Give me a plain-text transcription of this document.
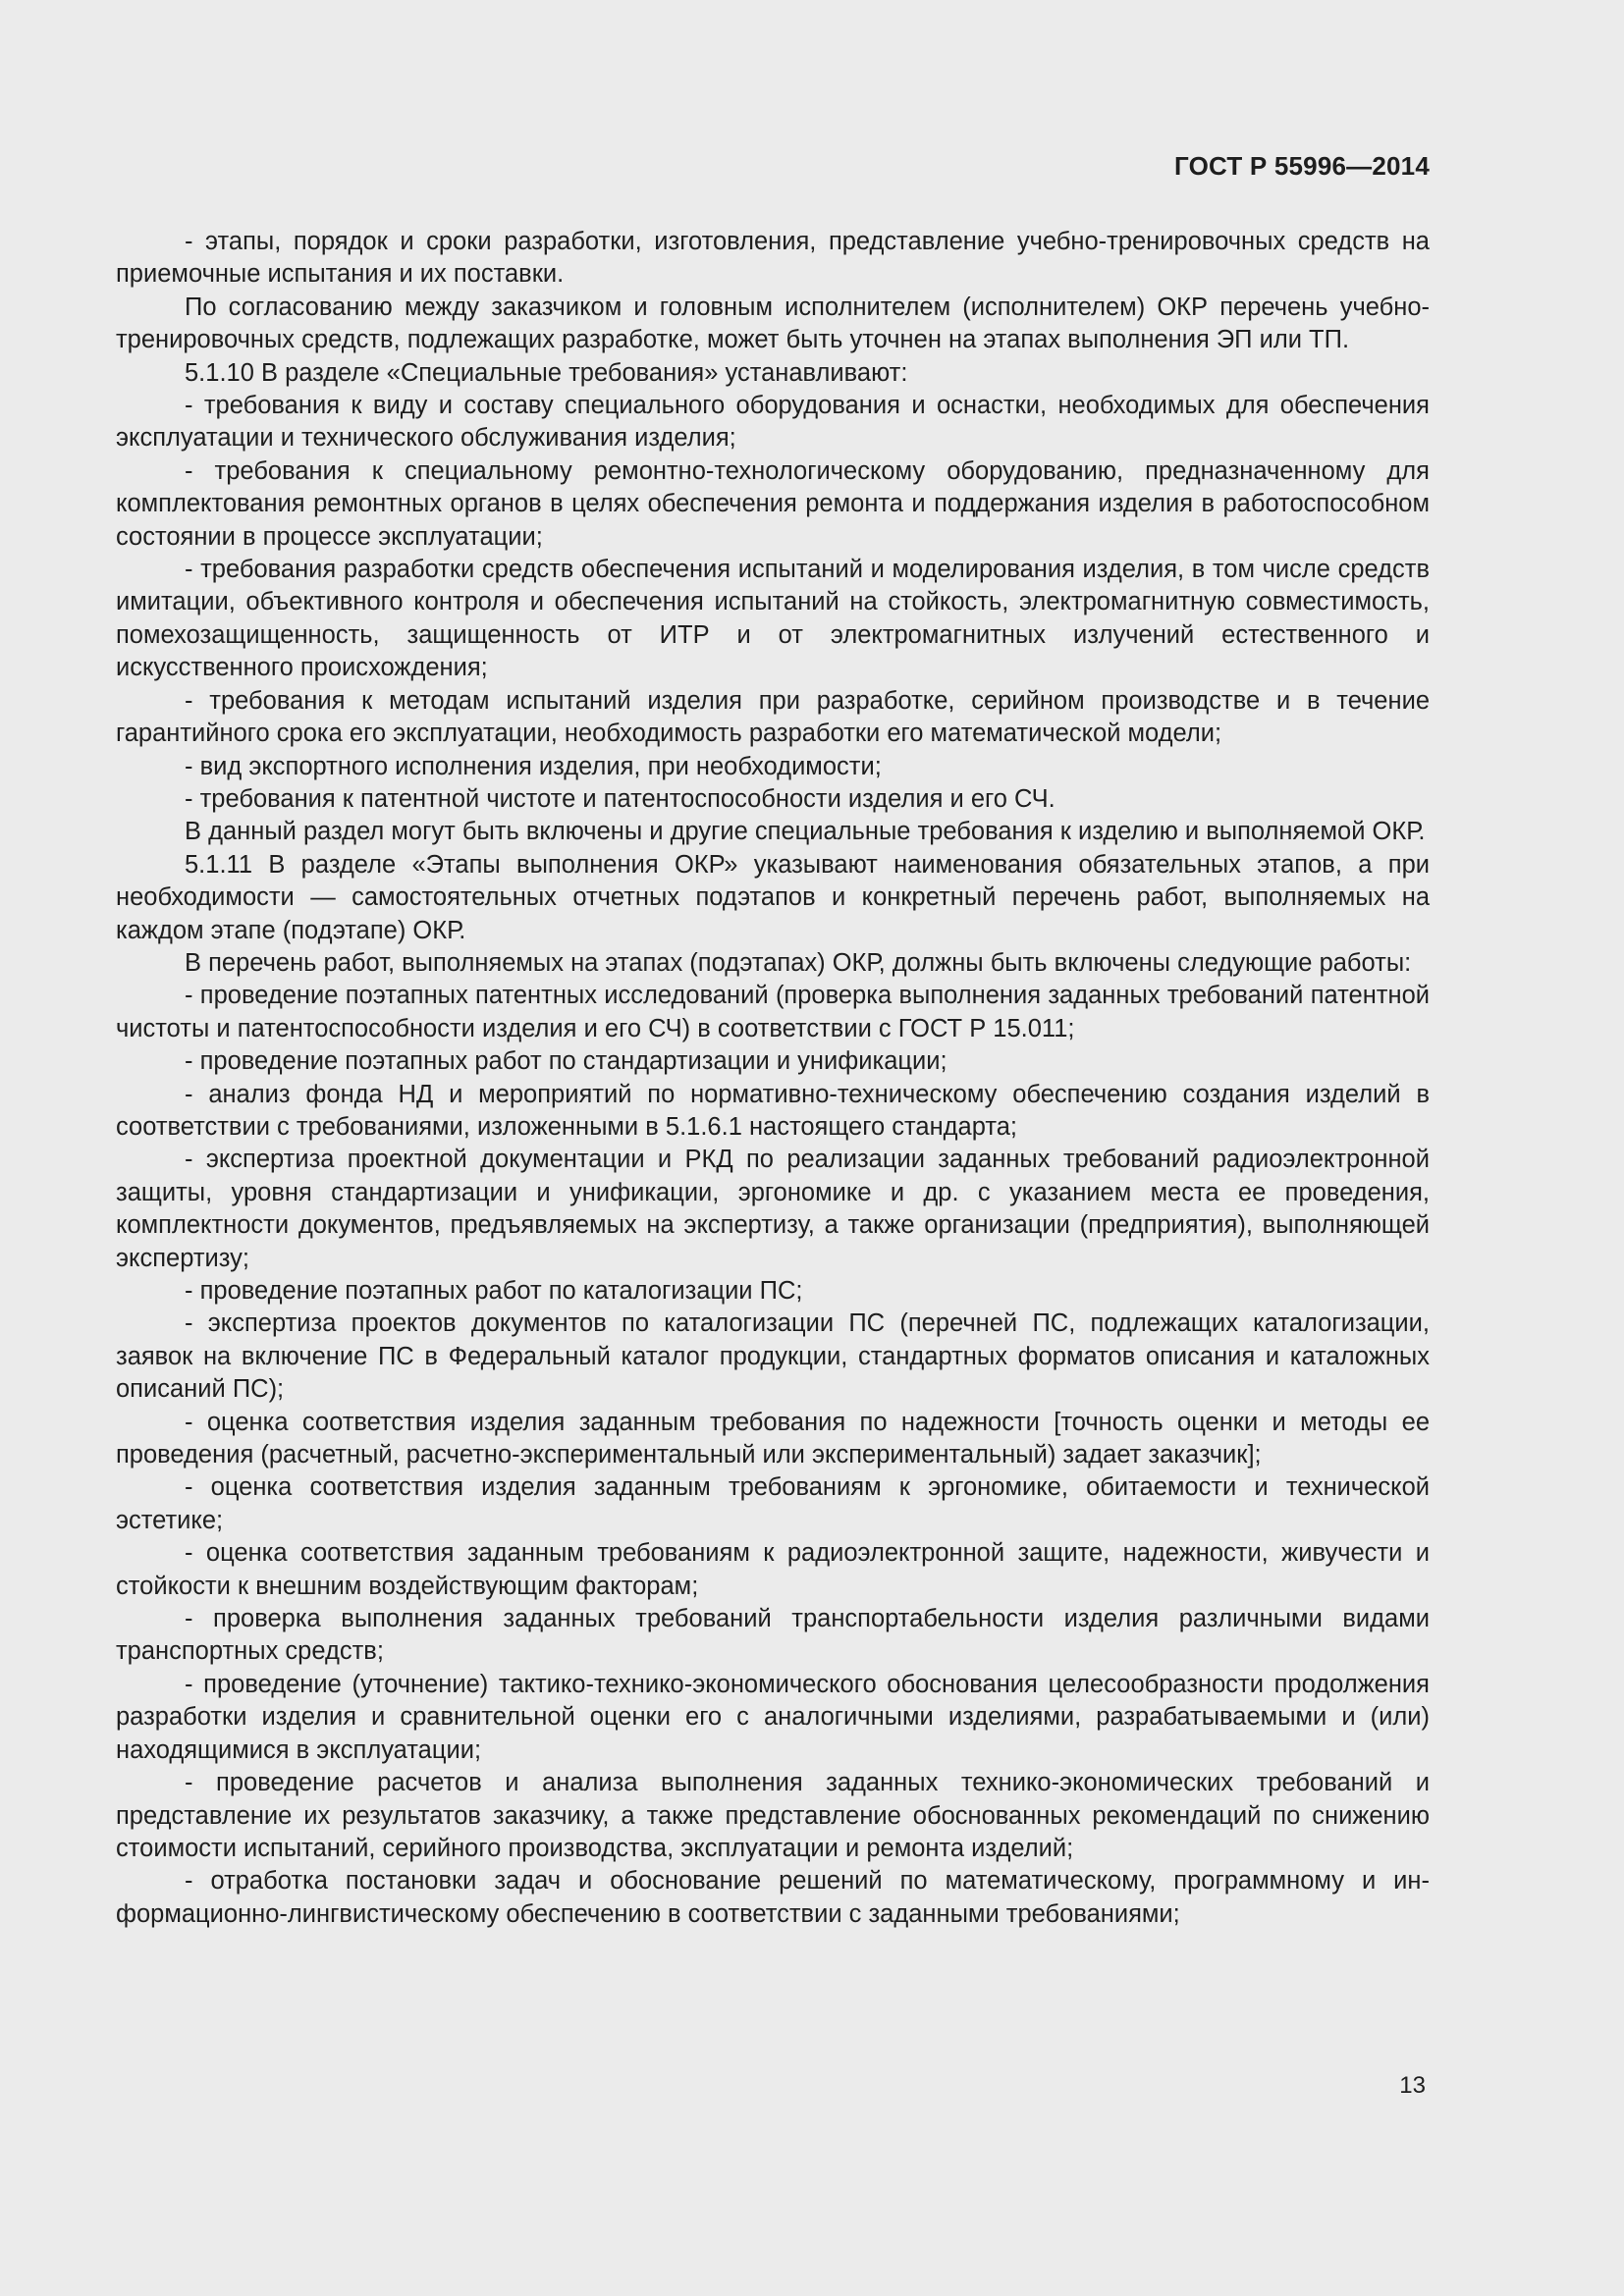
ГОСТ Р 55996—2014

- этапы, порядок и сроки разработки, изготовления, представление учебно-тренировочных средств на приемочные испытания и их поставки.

По согласованию между заказчиком и головным исполнителем (исполнителем) ОКР перечень учебно-тренировочных средств, подлежащих разработке, может быть уточнен на этапах выполнения ЭП или ТП.

5.1.10 В разделе «Специальные требования» устанавливают:

- требования к виду и составу специального оборудования и оснастки, необходимых для обеспечения эксплуатации и технического обслуживания изделия;

- требования к специальному ремонтно-технологическому оборудованию, предназначенному для комплектования ремонтных органов в целях обеспечения ремонта и поддержания изделия в работоспособном состоянии в процессе эксплуатации;

- требования разработки средств обеспечения испытаний и моделирования изделия, в том числе средств имитации, объективного контроля и обеспечения испытаний на стойкость, электромагнитную совместимость, помехозащищенность, защищенность от ИТР и от электромагнитных излучений естественного и искусственного происхождения;

- требования к методам испытаний изделия при разработке, серийном производстве и в течение гарантийного срока его эксплуатации, необходимость разработки его математической модели;

- вид экспортного исполнения изделия, при необходимости;

- требования к патентной чистоте и патентоспособности изделия и его СЧ.

В данный раздел могут быть включены и другие специальные требования к изделию и выполняемой ОКР.

5.1.11 В разделе «Этапы выполнения ОКР» указывают наименования обязательных этапов, а при необходимости — самостоятельных отчетных подэтапов и конкретный перечень работ, выполняемых на каждом этапе (подэтапе) ОКР.

В перечень работ, выполняемых на этапах (подэтапах) ОКР, должны быть включены следующие работы:

- проведение поэтапных патентных исследований (проверка выполнения заданных требований патентной чистоты и патентоспособности изделия и его СЧ) в соответствии с ГОСТ Р 15.011;

- проведение поэтапных работ по стандартизации и унификации;

- анализ фонда НД и мероприятий по нормативно-техническому обеспечению создания изделий в соответствии с требованиями, изложенными в 5.1.6.1 настоящего стандарта;

- экспертиза проектной документации и РКД по реализации заданных требований радиоэлектронной защиты, уровня стандартизации и унификации, эргономике и др. с указанием места ее проведения, комплектности документов, предъявляемых на экспертизу, а также организации (предприятия), выполняющей экспертизу;

- проведение поэтапных работ по каталогизации ПС;

- экспертиза проектов документов по каталогизации ПС (перечней ПС, подлежащих каталогизации, заявок на включение ПС в Федеральный каталог продукции, стандартных форматов описания и каталожных описаний ПС);

- оценка соответствия изделия заданным требования по надежности [точность оценки и методы ее проведения (расчетный, расчетно-экспериментальный или экспериментальный) задает заказчик];

- оценка соответствия изделия заданным требованиям к эргономике, обитаемости и технической эстетике;

- оценка соответствия заданным требованиям к радиоэлектронной защите, надежности, живучести и стойкости к внешним воздействующим факторам;

- проверка выполнения заданных требований транспортабельности изделия различными видами транспортных средств;

- проведение (уточнение) тактико-технико-экономического обоснования целесообразности продолжения разработки изделия и сравнительной оценки его с аналогичными изделиями, разрабатываемыми и (или) находящимися в эксплуатации;

- проведение расчетов и анализа выполнения заданных технико-экономических требований и представление их результатов заказчику, а также представление обоснованных рекомендаций по снижению стоимости испытаний, серийного производства, эксплуатации и ремонта изделий;

- отработка постановки задач и обоснование решений по математическому, программному и информационно-лингвистическому обеспечению в соответствии с заданными требованиями;

13
